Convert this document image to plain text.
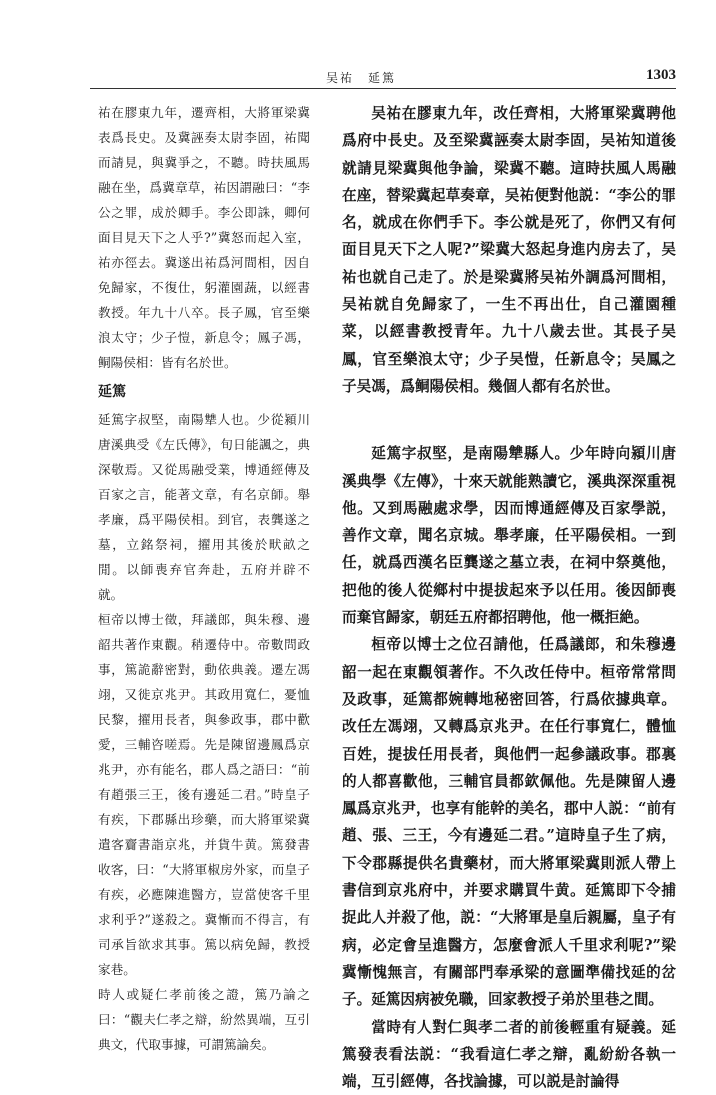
吴祐　延篤	1303

祐在膠東九年，遷齊相，大將軍梁冀表爲長史。及冀誣奏太尉李固，祐聞而請見，與冀爭之，不聽。時扶風馬融在坐，爲冀章草，祐因謂融曰：“李公之罪，成於卿手。李公即誅，卿何面目見天下之人乎?”冀怒而起入室，祐亦徑去。冀遂出祐爲河間相，因自免歸家，不復仕，躬灌園蔬，以經書教授。年九十八卒。長子鳳，官至樂浪太守；少子愷，新息令；鳳子馮，鲖陽侯相：皆有名於世。

延篤

延篤字叔堅，南陽犨人也。少從潁川唐溪典受《左氏傳》，旬日能諷之，典深敬焉。又從馬融受業，博通經傳及百家之言，能著文章，有名京師。舉孝廉，爲平陽侯相。到官，表龔遂之墓，立銘祭祠，擢用其後於畎畝之閒。以師喪弃官奔赴，五府并辟不就。

桓帝以博士徵，拜議郎，與朱穆、邊韶共著作東觀。稍遷侍中。帝數問政事，篤詭辭密對，動依典義。遷左馮翊，又徙京兆尹。其政用寬仁，憂恤民黎，擢用長者，與參政事，郡中歡愛，三輔咨嗟焉。先是陳留邊鳳爲京兆尹，亦有能名，郡人爲之語曰：“前有趙張三王，後有邊延二君。”時皇子有疾，下郡縣出珍藥，而大將軍梁冀遣客齎書詣京兆，并貨牛黄。篤發書收客，曰：“大將軍椒房外家，而皇子有疾，必應陳進醫方，豈當使客千里求利乎?”遂殺之。冀慚而不得言，有司承旨欲求其事。篤以病免歸，教授家巷。

時人或疑仁孝前後之證，篤乃論之曰：“觀夫仁孝之辯，紛然異端，互引典文，代取事據，可謂篤論矣。

吴祐在膠東九年，改任齊相，大將軍梁冀聘他爲府中長史。及至梁冀誣奏太尉李固，吴祐知道後就請見梁冀與他争論，梁冀不聽。這時扶風人馬融在座，替梁冀起草奏章，吴祐便對他説：“李公的罪名，就成在你們手下。李公就是死了，你們又有何面目見天下之人呢?”梁冀大怒起身進内房去了，吴祐也就自己走了。於是梁冀將吴祐外調爲河間相，吴祐就自免歸家了，一生不再出仕，自己灌園種菜，以經書教授青年。九十八歲去世。其長子吴鳳，官至樂浪太守；少子吴愷，任新息令；吴鳳之子吴馮，爲鲖陽侯相。幾個人都有名於世。

延篤字叔堅，是南陽犨縣人。少年時向潁川唐溪典學《左傳》，十來天就能熟讀它，溪典深深重視他。又到馬融處求學，因而博通經傳及百家學説，善作文章，聞名京城。舉孝廉，任平陽侯相。一到任，就爲西漢名臣龔遂之墓立表，在祠中祭奠他，把他的後人從鄉村中提拔起來予以任用。後因師喪而棄官歸家，朝廷五府都招聘他，他一概拒絶。

桓帝以博士之位召請他，任爲議郎，和朱穆邊韶一起在東觀領著作。不久改任侍中。桓帝常常問及政事，延篤都婉轉地秘密回答，行爲依據典章。改任左馮翊，又轉爲京兆尹。在任行事寬仁，體恤百姓，提拔任用長者，與他們一起參議政事。郡裏的人都喜歡他，三輔官員都欽佩他。先是陳留人邊鳳爲京兆尹，也享有能幹的美名，郡中人説：“前有趙、張、三王，今有邊延二君。”這時皇子生了病，下令郡縣提供名貴藥材，而大將軍梁冀則派人帶上書信到京兆府中，并要求購買牛黄。延篤即下令捕捉此人并殺了他，説：“大將軍是皇后親屬，皇子有病，必定會呈進醫方，怎麼會派人千里求利呢?”梁冀慚愧無言，有關部門奉承梁的意圖準備找延的岔子。延篤因病被免職，回家教授子弟於里巷之間。

當時有人對仁與孝二者的前後輕重有疑義。延篤發表看法説：“我看這仁孝之辯，亂紛紛各執一端，互引經傳，各找論據，可以説是討論得
